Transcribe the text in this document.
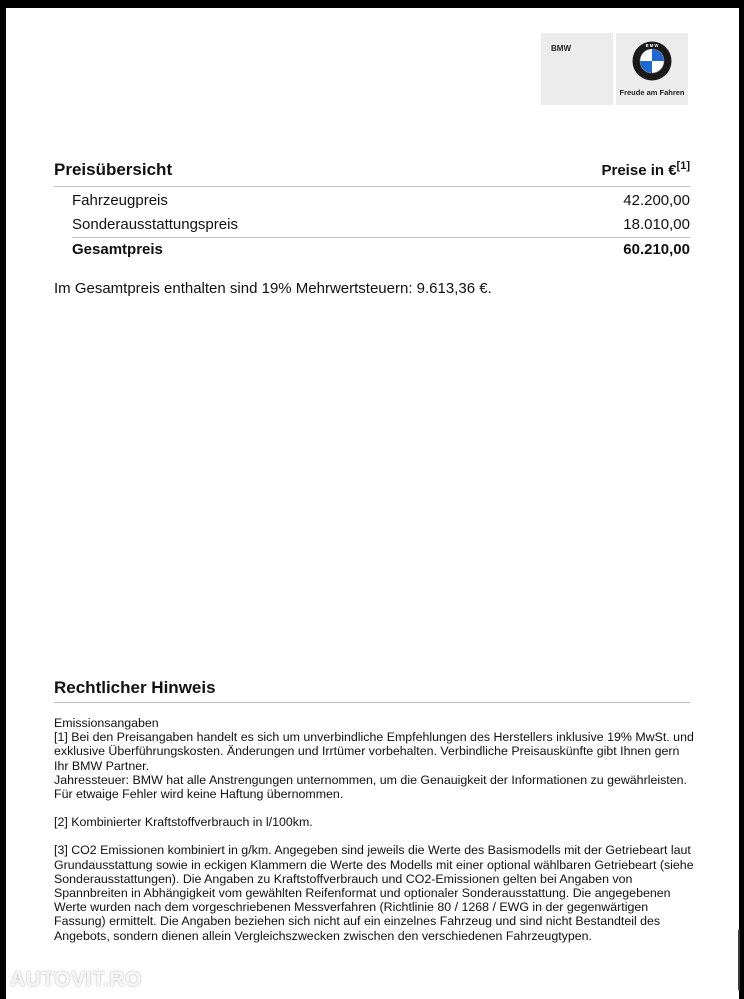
BMW	B M W
Freude am Fahren
Preisübersicht	Preise in €[1]
Fahrzeugpreis	42.200,00
Sonderausstattungspreis	18.010,00
Gesamtpreis	60.210,00
Im Gesamtpreis enthalten sind 19% Mehrwertsteuern: 9.613,36 €.
Rechtlicher Hinweis

Emissionsangaben

[1] Bei den Preisangaben handelt es sich um unverbindliche Empfehlungen des Herstellers inklusive 19% MwSt. und exklusive Überführungskosten. Änderungen und Irrtümer vorbehalten. Verbindliche Preisauskünfte gibt Ihnen gern Ihr BMW Partner.

Jahressteuer: BMW hat alle Anstrengungen unternommen, um die Genauigkeit der Informationen zu gewährleisten. Für etwaige Fehler wird keine Haftung übernommen.

[2] Kombinierter Kraftstoffverbrauch in l/100km.

[3] CO2 Emissionen kombiniert in g/km. Angegeben sind jeweils die Werte des Basismodells mit der Getriebeart laut Grundausstattung sowie in eckigen Klammern die Werte des Modells mit einer optional wählbaren Getriebeart (siehe Sonderausstattungen). Die Angaben zu Kraftstoffverbrauch und CO2-Emissionen gelten bei Angaben von Spannbreiten in Abhängigkeit vom gewählten Reifenformat und optionaler Sonderausstattung. Die angegebenen Werte wurden nach dem vorgeschriebenen Messverfahren (Richtlinie 80 / 1268 / EWG in der gegenwärtigen Fassung) ermittelt. Die Angaben beziehen sich nicht auf ein einzelnes Fahrzeug und sind nicht Bestandteil des Angebots, sondern dienen allein Vergleichszwecken zwischen den verschiedenen Fahrzeugtypen.

AUTOVIT.RO
